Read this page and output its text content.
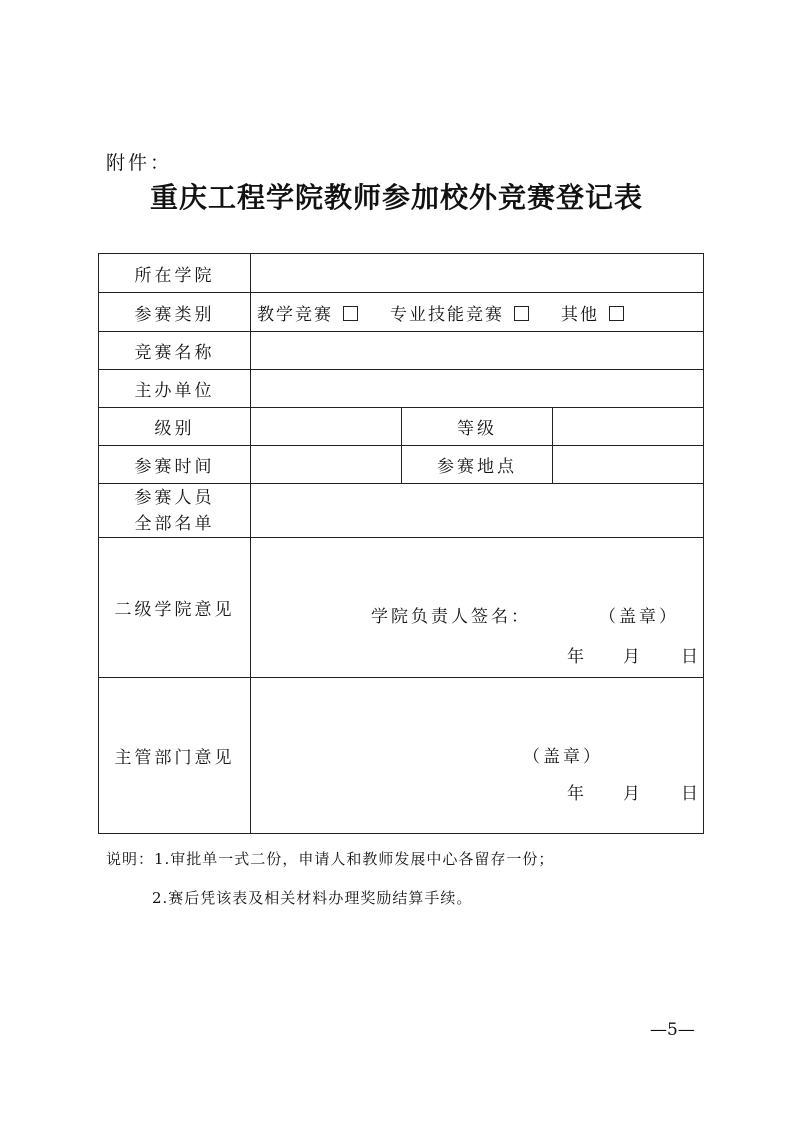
附件：
重庆工程学院教师参加校外竞赛登记表
所在学院			
参赛类别	教学竞赛 专业技能竞赛 其他		
竞赛名称			
主办单位			
级别		等级	
参赛时间		参赛地点	

参赛人员
全部名单			

二级学院意见	学院负责人签名： （盖章）
年 月 日		

主管部门意见	（盖章）
年 月 日		
说明：1.审批单一式二份，申请人和教师发展中心各留存一份；
2.赛后凭该表及相关材料办理奖励结算手续。
—5—
